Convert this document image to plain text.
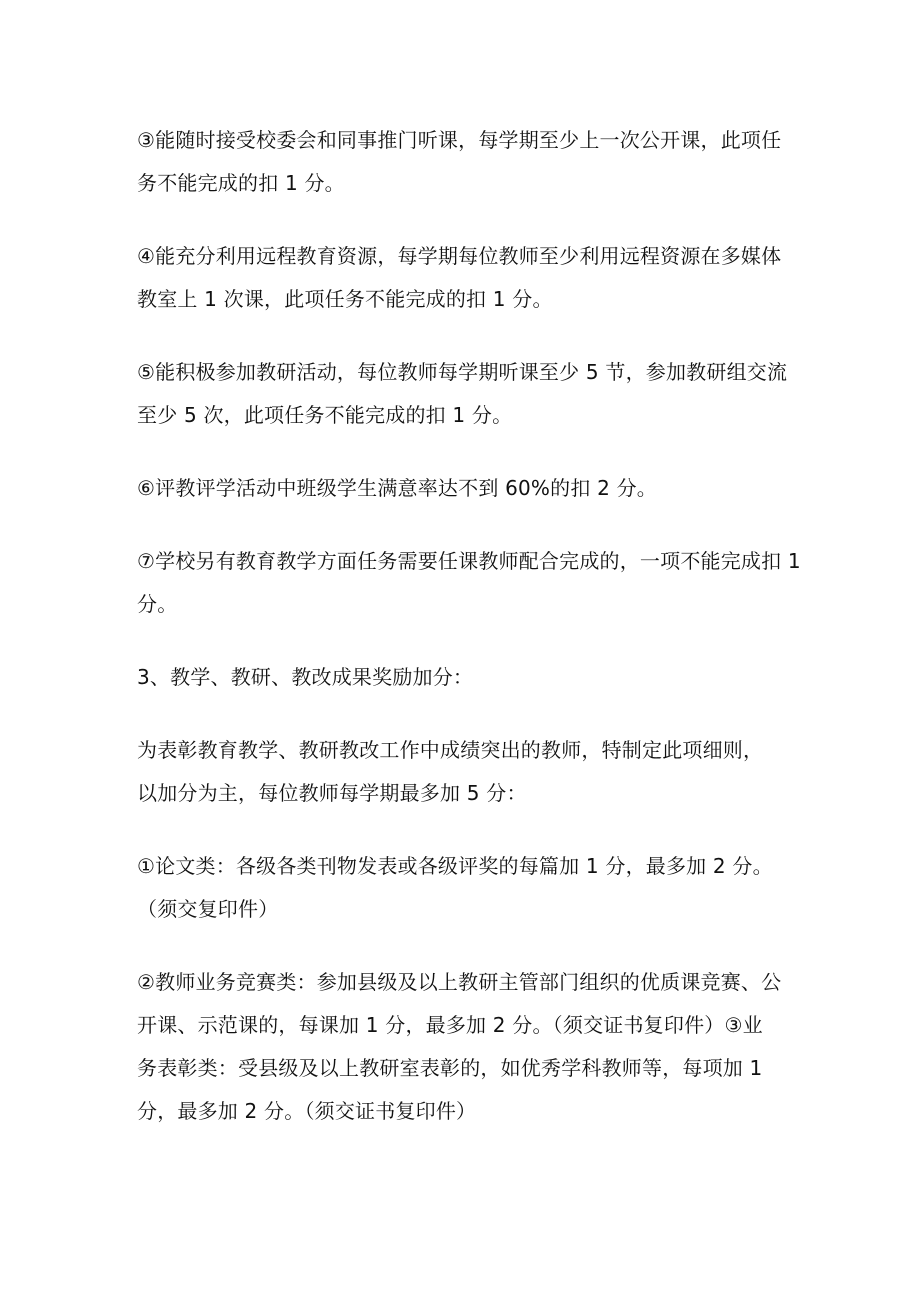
③能随时接受校委会和同事推门听课，每学期至少上一次公开课，此项任
务不能完成的扣 1 分。

④能充分利用远程教育资源，每学期每位教师至少利用远程资源在多媒体
教室上 1 次课，此项任务不能完成的扣 1 分。

⑤能积极参加教研活动，每位教师每学期听课至少 5 节，参加教研组交流
至少 5 次，此项任务不能完成的扣 1 分。

⑥评教评学活动中班级学生满意率达不到 60%的扣 2 分。

⑦学校另有教育教学方面任务需要任课教师配合完成的，一项不能完成扣 1
分。

3、教学、教研、教改成果奖励加分：

为表彰教育教学、教研教改工作中成绩突出的教师，特制定此项细则，
以加分为主，每位教师每学期最多加 5 分：

①论文类：各级各类刊物发表或各级评奖的每篇加 1 分，最多加 2 分。
（须交复印件）

②教师业务竞赛类：参加县级及以上教研主管部门组织的优质课竞赛、公
开课、示范课的，每课加 1 分，最多加 2 分。（须交证书复印件）③业
务表彰类：受县级及以上教研室表彰的，如优秀学科教师等，每项加 1
分，最多加 2 分。（须交证书复印件）
